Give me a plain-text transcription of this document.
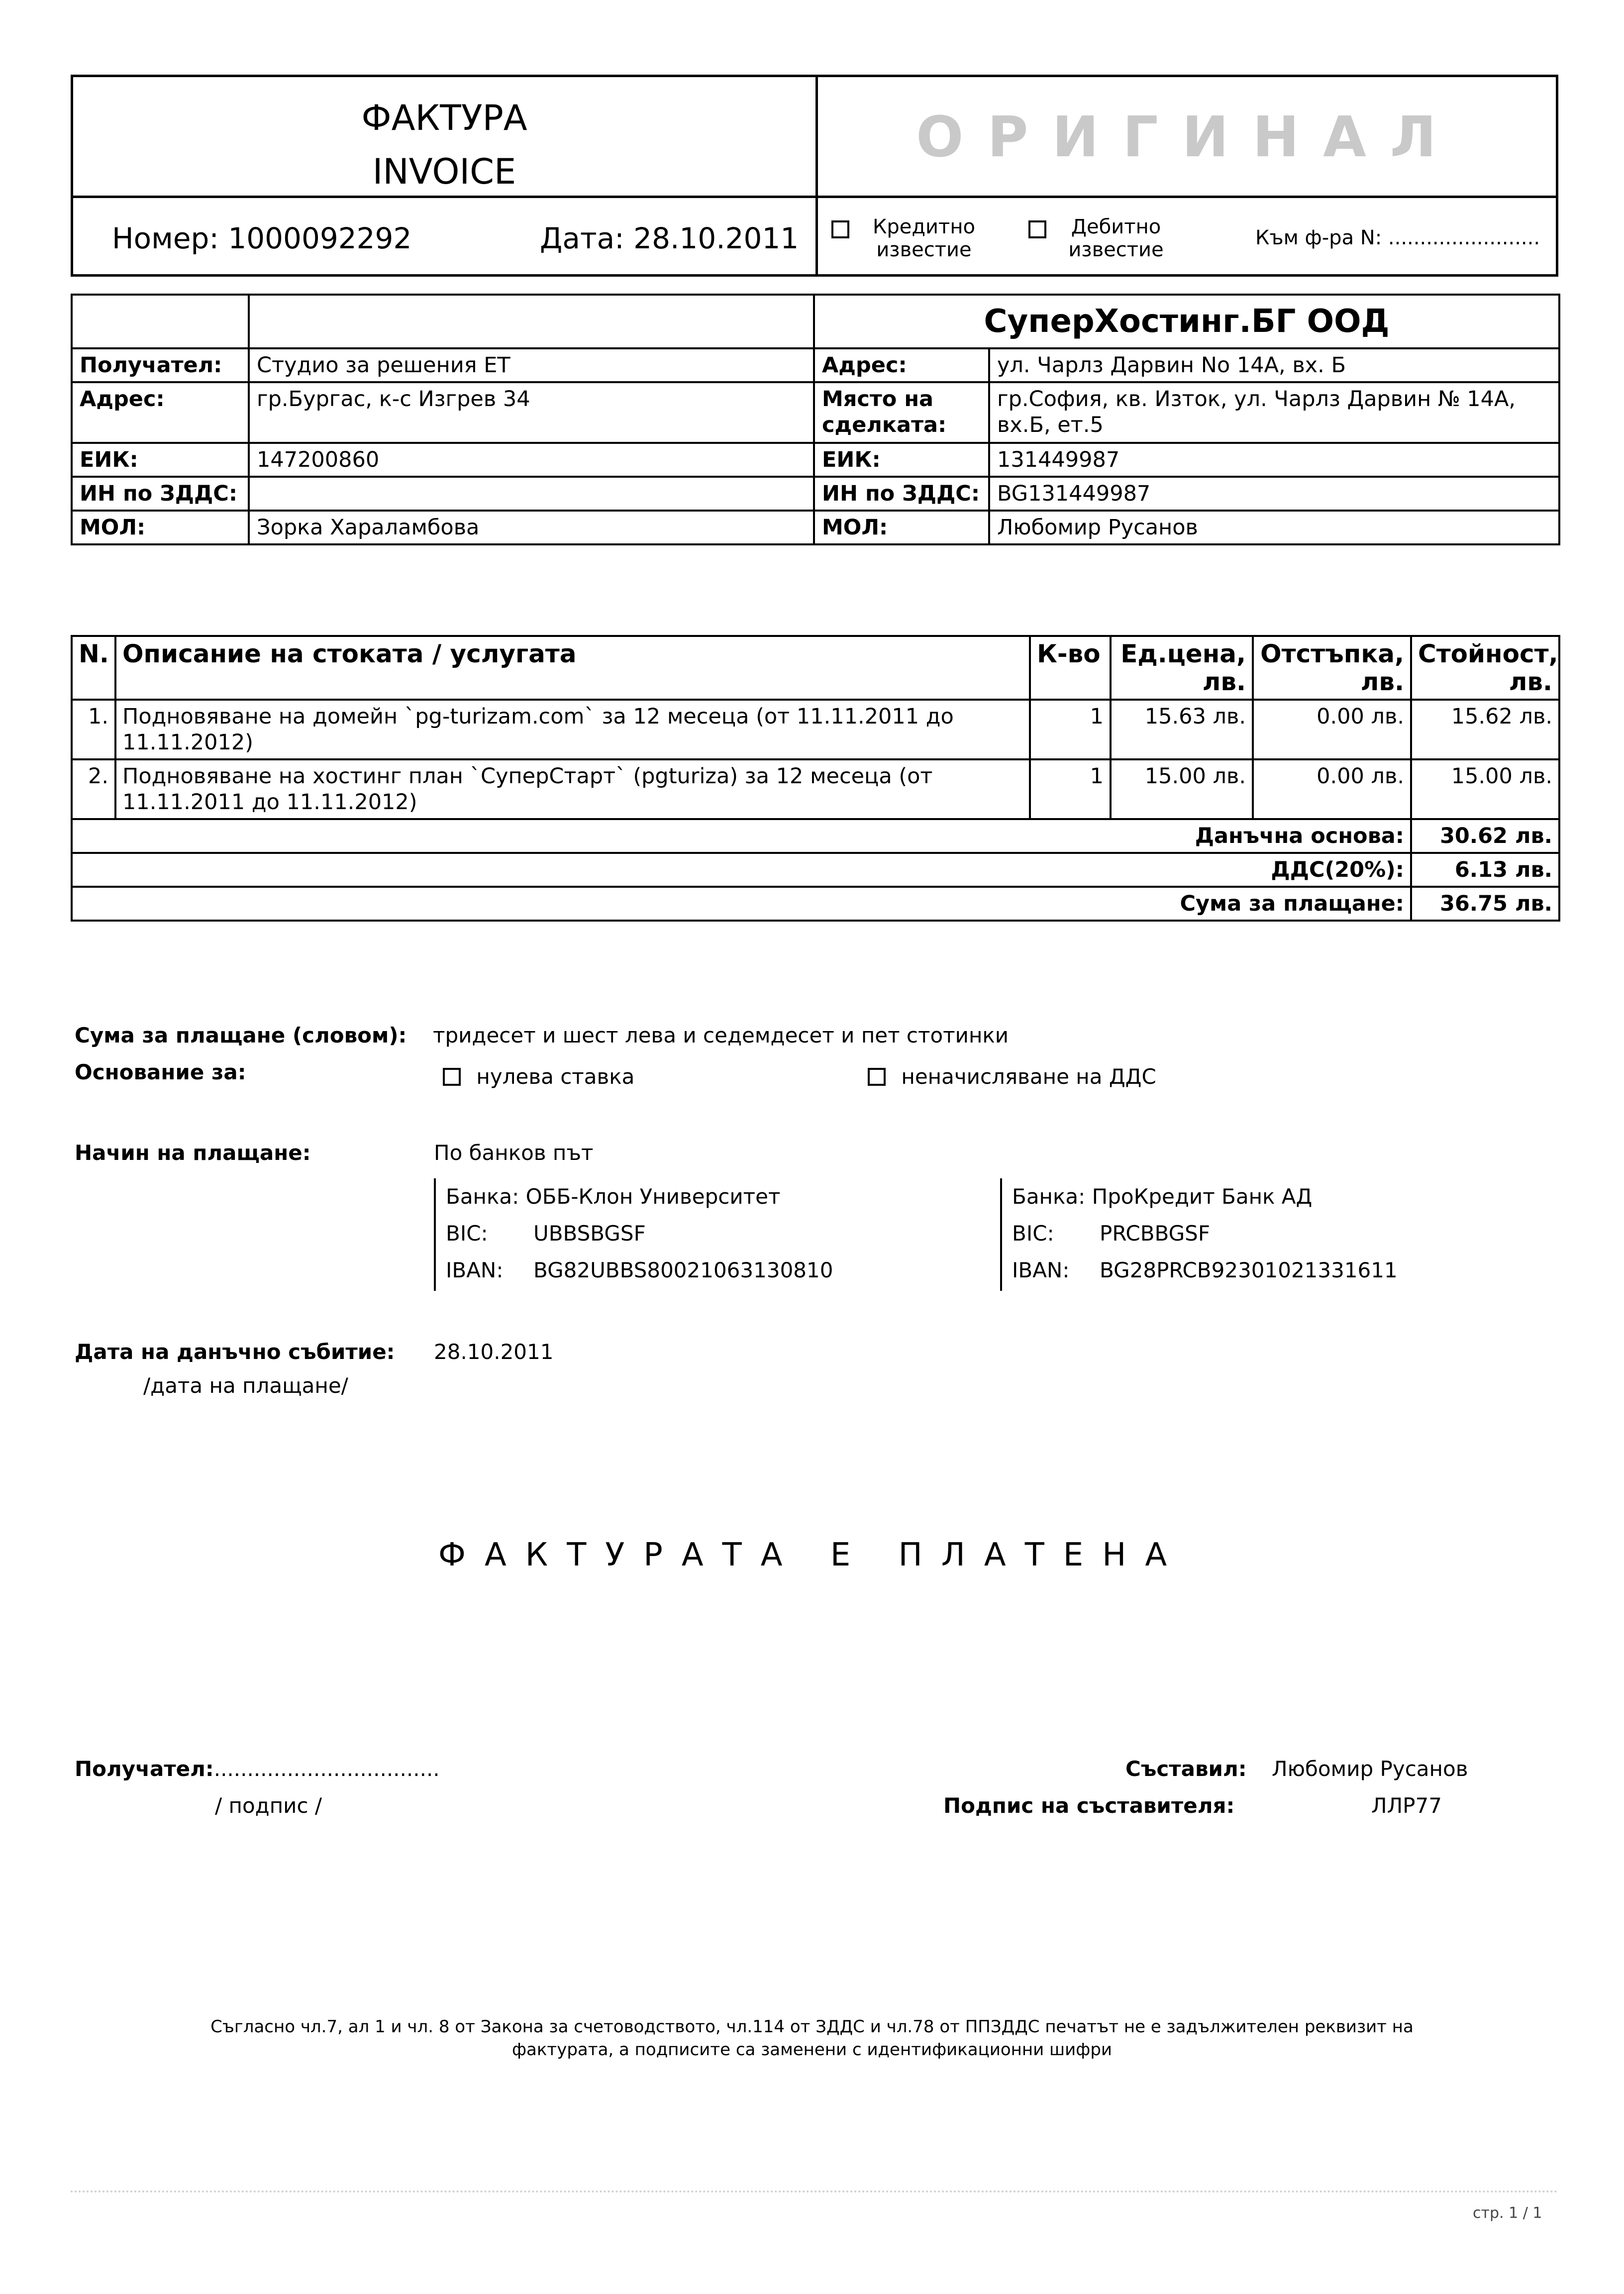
ФАКТУРА
INVOICE
ОРИГИНАЛ
Номер: 1000092292	Дата: 28.10.2011	Кредитно
известие
Дебитно
известие
Към ф-ра N: ........................
		СуперХостинг.БГ ООД	
Получател:	Студио за решения ЕТ	Адрес:	ул. Чарлз Дарвин No 14А, вх. Б
Адрес:	гр.Бургас, к-с Изгрев 34	Място на сделката:	гр.София, кв. Изток, ул. Чарлз Дарвин № 14А, вх.Б, ет.5
ЕИК:	147200860	ЕИК:	131449987
ИН по ЗДДС:		ИН по ЗДДС:	BG131449987
МОЛ:	Зорка Хараламбова	МОЛ:	Любомир Русанов
N.	Описание на стоката / услугата	К-во	Ед.цена, лв.	Отстъпка, лв.	Стойност, лв.
1.	Подновяване на домейн `pg-turizam.com` за 12 месеца (от 11.11.2011 до 11.11.2012)	1	15.63 лв.	0.00 лв.	15.62 лв.
2.	Подновяване на хостинг план `СуперСтарт` (pgturiza) за 12 месеца (от 11.11.2011 до 11.11.2012)	1	15.00 лв.	0.00 лв.	15.00 лв.
Данъчна основа:					30.62 лв.
ДДС(20%):					6.13 лв.
Сума за плащане:					36.75 лв.
Сума за плащане (словом): тридесет и шест лева и седемдесет и пет стотинки
Основание за:	нулева ставка	неначисляване на ДДС
Начин на плащане:	По банков път
Банка: ОББ-Клон Университет
BIC: UBBSBGSF
IBAN: BG82UBBS80021063130810
Банка: ПроКредит Банк АД
BIC: PRCBBGSF
IBAN: BG28PRCB92301021331611
Дата на данъчно събитие: 28.10.2011
/дата на плащане/
ФАКТУРАТА Е ПЛАТЕНА
Получател:..................................
/ подпис /
Съставил: Любомир Русанов
Подпис на съставителя:	ЛЛР77
Съгласно чл.7, ал 1 и чл. 8 от Закона за счетоводството, чл.114 от ЗДДС и чл.78 от ППЗДДС печатът не е задължителен реквизит на
фактурата, а подписите са заменени с идентификационни шифри
стр. 1 / 1
